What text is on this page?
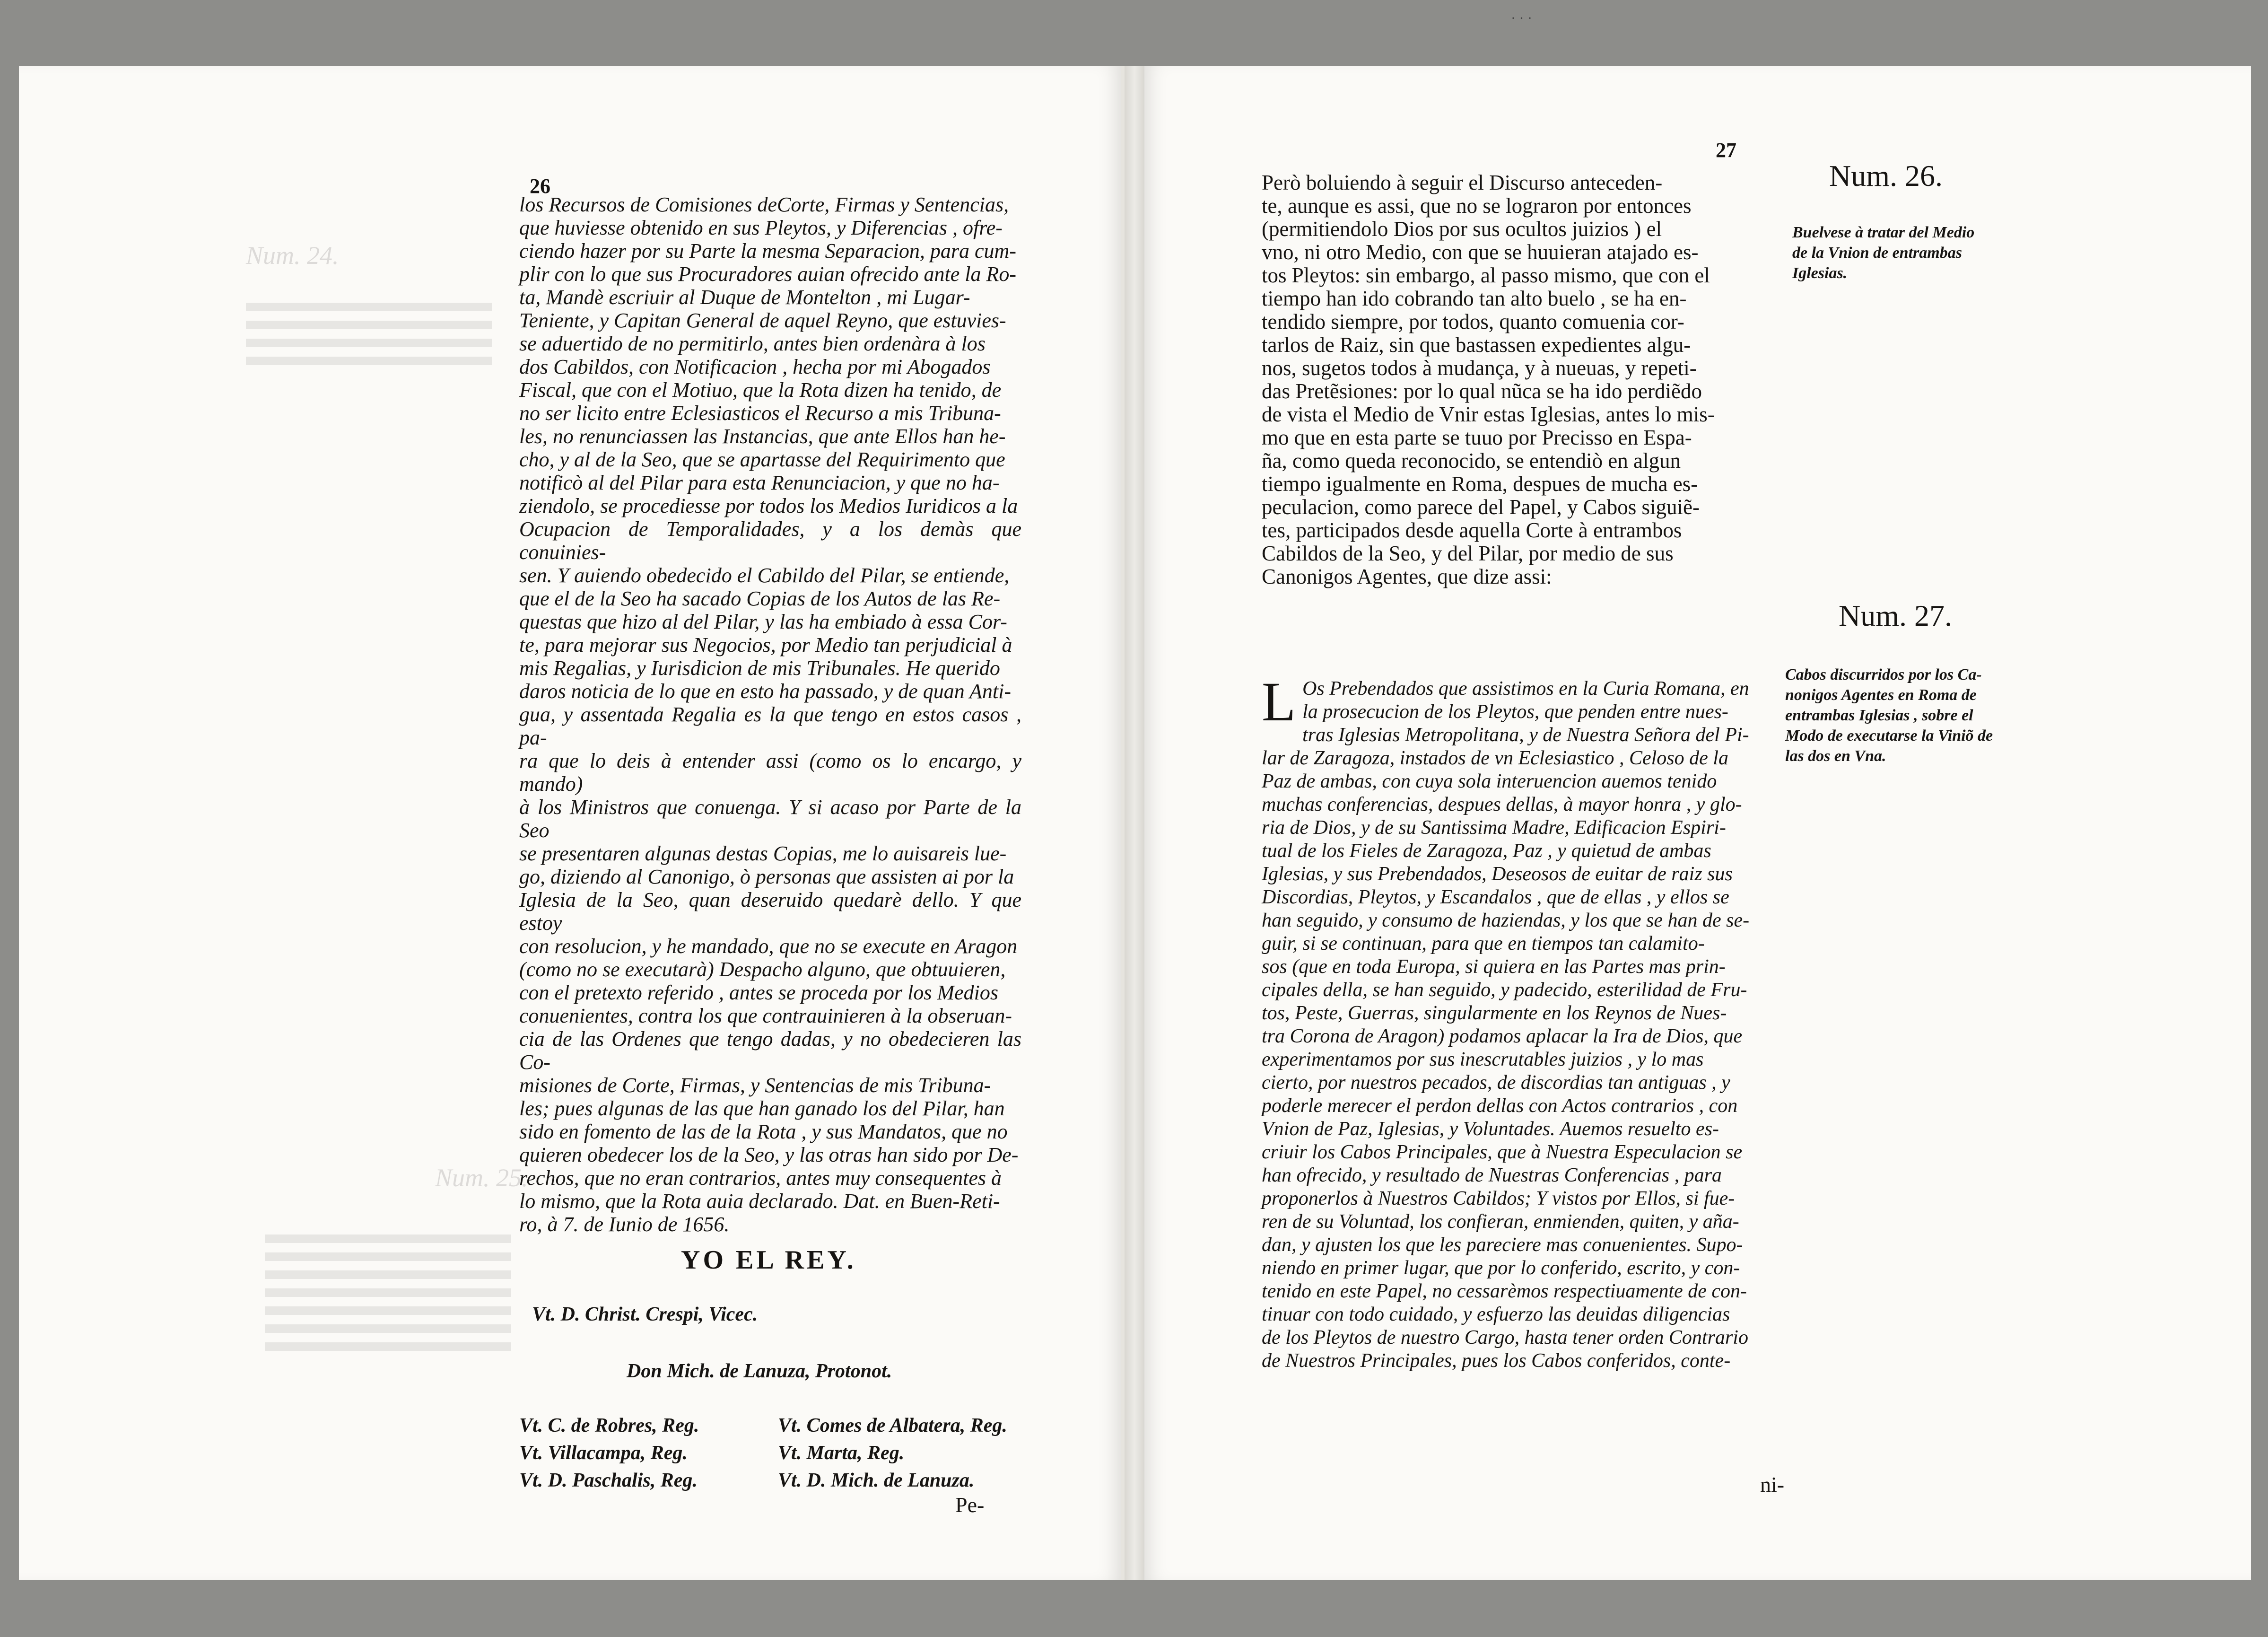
Num. 24.
Num. 25.
· · ·
26
los Recursos de Comisiones deCorte, Firmas y Sentencias,
que huviesse obtenido en sus Pleytos, y Diferencias , ofre-
ciendo hazer por su Parte la mesma Separacion, para cum-
plir con lo que sus Procuradores auian ofrecido ante la Ro-
ta, Mandè escriuir al Duque de Montelton , mi Lugar-
Teniente, y Capitan General de aquel Reyno, que estuvies-
se aduertido de no permitirlo, antes bien ordenàra à los
dos Cabildos, con Notificacion , hecha por mi Abogados
Fiscal, que con el Motiuo, que la Rota dizen ha tenido, de
no ser licito entre Eclesiasticos el Recurso a mis Tribuna-
les, no renunciassen las Instancias, que ante Ellos han he-
cho, y al de la Seo, que se apartasse del Requirimento que
notificò al del Pilar para esta Renunciacion, y que no ha-
ziendolo, se procediesse por todos los Medios Iuridicos a la
Ocupacion de Temporalidades, y a los demàs que conuinies-
sen. Y auiendo obedecido el Cabildo del Pilar, se entiende,
que el de la Seo ha sacado Copias de los Autos de las Re-
questas que hizo al del Pilar, y las ha embiado à essa Cor-
te, para mejorar sus Negocios, por Medio tan perjudicial à
mis Regalias, y Iurisdicion de mis Tribunales. He querido
daros noticia de lo que en esto ha passado, y de quan Anti-
gua, y assentada Regalia es la que tengo en estos casos , pa-
ra que lo deis à entender assi (como os lo encargo, y mando)
à los Ministros que conuenga. Y si acaso por Parte de la Seo
se presentaren algunas destas Copias, me lo auisareis lue-
go, diziendo al Canonigo, ò personas que assisten ai por la
Iglesia de la Seo, quan deseruido quedarè dello. Y que estoy
con resolucion, y he mandado, que no se execute en Aragon
(como no se executarà) Despacho alguno, que obtuuieren,
con el pretexto referido , antes se proceda por los Medios
conuenientes, contra los que contrauinieren à la obseruan-
cia de las Ordenes que tengo dadas, y no obedecieren las Co-
misiones de Corte, Firmas, y Sentencias de mis Tribuna-
les; pues algunas de las que han ganado los del Pilar, han
sido en fomento de las de la Rota , y sus Mandatos, que no
quieren obedecer los de la Seo, y las otras han sido por De-
rechos, que no eran contrarios, antes muy consequentes à
lo mismo, que la Rota auia declarado. Dat. en Buen-Reti-
ro, à 7. de Iunio de 1656.
YO EL REY.
Vt. D. Christ. Crespi, Vicec.
Don Mich. de Lanuza, Protonot.
Vt. C. de Robres, Reg.
Vt. Villacampa, Reg.
Vt. D. Paschalis, Reg.
Vt. Comes de Albatera, Reg.
Vt. Marta, Reg.
Vt. D. Mich. de Lanuza.
Pe-
27
Però boluiendo à seguir el Discurso anteceden-
te, aunque es assi, que no se lograron por entonces
(permitiendolo Dios por sus ocultos juizios ) el
vno, ni otro Medio, con que se huuieran atajado es-
tos Pleytos: sin embargo, al passo mismo, que con el
tiempo han ido cobrando tan alto buelo , se ha en-
tendido siempre, por todos, quanto comuenia cor-
tarlos de Raiz, sin que bastassen expedientes algu-
nos, sugetos todos à mudança, y à nueuas, y repeti-
das Pretẽsiones: por lo qual nũca se ha ido perdiẽdo
de vista el Medio de Vnir estas Iglesias, antes lo mis-
mo que en esta parte se tuuo por Precisso en Espa-
ña, como queda reconocido, se entendiò en algun
tiempo igualmente en Roma, despues de mucha es-
peculacion, como parece del Papel, y Cabos siguiẽ-
tes, participados desde aquella Corte à entrambos
Cabildos de la Seo, y del Pilar, por medio de sus
Canonigos Agentes, que dize assi:
L Os Prebendados que assistimos en la Curia Romana, en
la prosecucion de los Pleytos, que penden entre nues-
tras Iglesias Metropolitana, y de Nuestra Señora del Pi-
lar de Zaragoza, instados de vn Eclesiastico , Celoso de la
Paz de ambas, con cuya sola interuencion auemos tenido
muchas conferencias, despues dellas, à mayor honra , y glo-
ria de Dios, y de su Santissima Madre, Edificacion Espiri-
tual de los Fieles de Zaragoza, Paz , y quietud de ambas
Iglesias, y sus Prebendados, Deseosos de euitar de raiz sus
Discordias, Pleytos, y Escandalos , que de ellas , y ellos se
han seguido, y consumo de haziendas, y los que se han de se-
guir, si se continuan, para que en tiempos tan calamito-
sos (que en toda Europa, si quiera en las Partes mas prin-
cipales della, se han seguido, y padecido, esterilidad de Fru-
tos, Peste, Guerras, singularmente en los Reynos de Nues-
tra Corona de Aragon) podamos aplacar la Ira de Dios, que
experimentamos por sus inescrutables juizios , y lo mas
cierto, por nuestros pecados, de discordias tan antiguas , y
poderle merecer el perdon dellas con Actos contrarios , con
Vnion de Paz, Iglesias, y Voluntades. Auemos resuelto es-
criuir los Cabos Principales, que à Nuestra Especulacion se
han ofrecido, y resultado de Nuestras Conferencias , para
proponerlos à Nuestros Cabildos; Y vistos por Ellos, si fue-
ren de su Voluntad, los confieran, enmienden, quiten, y aña-
dan, y ajusten los que les pareciere mas conuenientes. Supo-
niendo en primer lugar, que por lo conferido, escrito, y con-
tenido en este Papel, no cessarèmos respectiuamente de con-
tinuar con todo cuidado, y esfuerzo las deuidas diligencias
de los Pleytos de nuestro Cargo, hasta tener orden Contrario
de Nuestros Principales, pues los Cabos conferidos, conte-
ni-
Num. 26.
Buelvese à tratar del Medio
de la Vnion de entrambas
Iglesias.
Num. 27.
Cabos discurridos por los Ca-
nonigos Agentes en Roma de
entrambas Iglesias , sobre el
Modo de executarse la Viniõ de
las dos en Vna.
